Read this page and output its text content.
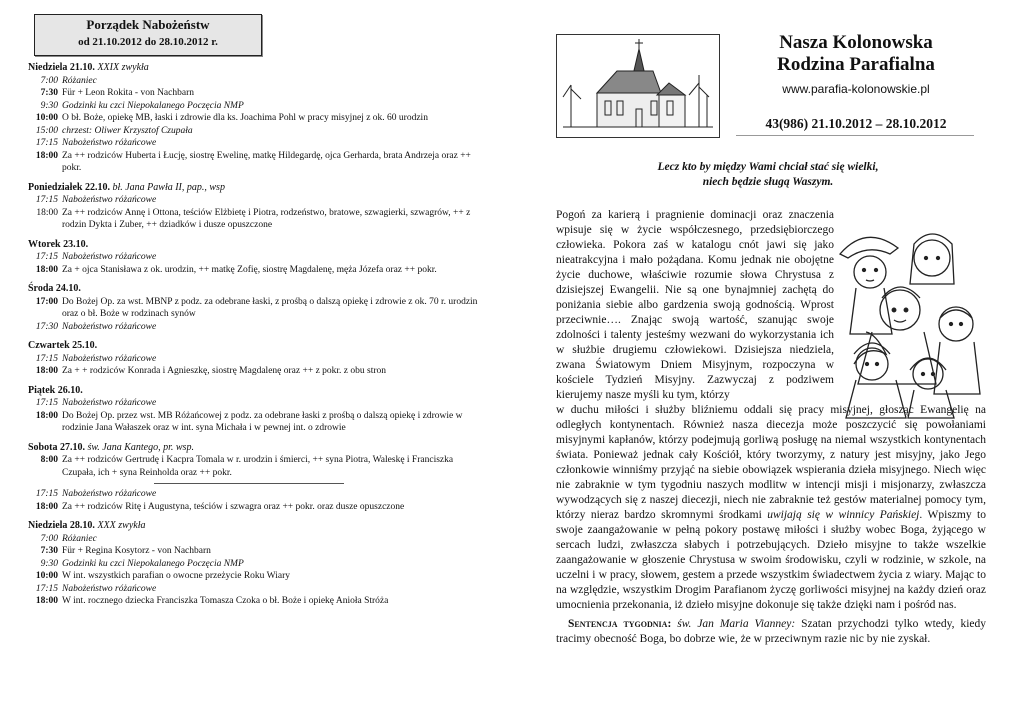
Porządek Nabożeństw
od 21.10.2012 do 28.10.2012 r.
Niedziela 21.10. XXIX zwykła
7:00 Różaniec
7:30 Für + Leon Rokita - von Nachbarn
9:30 Godzinki ku czci Niepokalanego Poczęcia NMP
10:00 O bł. Boże, opiekę MB, łaski i zdrowie dla ks. Joachima Pohl w pracy misyjnej z ok. 60 urodzin
15:00 chrzest: Oliwer Krzysztof Czupała
17:15 Nabożeństwo różańcowe
18:00 Za ++ rodziców Huberta i Łucję, siostrę Ewelinę, matkę Hildegardę, ojca Gerharda, brata Andrzeja oraz ++ pokr.
Poniedziałek 22.10. bł. Jana Pawła II, pap., wsp
17:15 Nabożeństwo różańcowe
18:00 Za ++ rodziców Annę i Ottona, teściów Elżbietę i Piotra, rodzeństwo, bratowe, szwagierki, szwagrów, ++ z rodzin Dykta i Zuber, ++ dziadków i dusze opuszczone
Wtorek 23.10.
17:15 Nabożeństwo różańcowe
18:00 Za + ojca Stanisława z ok. urodzin, ++ matkę Zofię, siostrę Magdalenę, męża Józefa oraz ++ pokr.
Środa 24.10.
17:00 Do Bożej Op. za wst. MBNP z podz. za odebrane łaski, z prośbą o dalszą opiekę i zdrowie z ok. 70 r. urodzin oraz o bł. Boże w rodzinach synów
17:30 Nabożeństwo różańcowe
Czwartek 25.10.
17:15 Nabożeństwo różańcowe
18:00 Za + + rodziców Konrada i Agnieszkę, siostrę Magdalenę oraz ++ z pokr. z obu stron
Piątek 26.10.
17:15 Nabożeństwo różańcowe
18:00 Do Bożej Op. przez wst. MB Różańcowej z podz. za odebrane łaski z prośbą o dalszą opiekę i zdrowie w rodzinie Jana Wałaszek oraz w int. syna Michała i w pewnej int. o zdrowie
Sobota 27.10. św. Jana Kantego, pr. wsp.
8:00 Za ++ rodziców Gertrudę i Kacpra Tomala w r. urodzin i śmierci, ++ syna Piotra, Waleskę i Franciszka Czupała, ich + syna Reinholda oraz ++ pokr.
17:15 Nabożeństwo różańcowe
18:00 Za ++ rodziców Ritę i Augustyna, teściów i szwagra oraz ++ pokr. oraz dusze opuszczone
Niedziela 28.10. XXX zwykła
7:00 Różaniec
7:30 Für + Regina Kosytorz - von Nachbarn
9:30 Godzinki ku czci Niepokalanego Poczęcia NMP
10:00 W int. wszystkich parafian o owocne przeżycie Roku Wiary
17:15 Nabożeństwo różańcowe
18:00 W int. rocznego dziecka Franciszka Tomasza Czoka o bł. Boże i opiekę Anioła Stróża
Nasza Kolonowska
Rodzina Parafialna
www.parafia-kolonowskie.pl
43(986) 21.10.2012 – 28.10.2012
Lecz kto by między Wami chciał stać się wielki,
niech będzie sługą Waszym.
Pogoń za karierą i pragnienie dominacji oraz znaczenia wpisuje się w życie współczesnego, przedsiębiorczego człowieka. Pokora zaś w katalogu cnót jawi się jako nieatrakcyjna i mało pożądana. Komu jednak nie obojętne życie duchowe, właściwie rozumie słowa Chrystusa z dzisiejszej Ewangelii. Nie są one bynajmniej zachętą do poniżania siebie albo gardzenia swoją godnością. Wprost przeciwnie…. Znając swoją wartość, szanując swoje zdolności i talenty jesteśmy wezwani do wykorzystania ich w służbie drugiemu człowiekowi. Dzisiejsza niedziela, zwana Światowym Dniem Misyjnym, rozpoczyna w kościele Tydzień Misyjny. Zazwyczaj z podziwem kierujemy nasze myśli ku tym, którzy
w duchu miłości i służby bliźniemu oddali się pracy misyjnej, głosząc Ewangelię na odległych kontynentach. Również nasza diecezja może poszczycić się powołaniami misyjnymi kapłanów, którzy podejmują gorliwą posługę na niemal wszystkich kontynentach świata. Ponieważ jednak cały Kościół, który tworzymy, z natury jest misyjny, jako Jego członkowie winniśmy przyjąć na siebie obowiązek wspierania dzieła misyjnego. Niech więc nie zabraknie w tym tygodniu naszych modlitw w intencji misji i misjonarzy, zwłaszcza wywodzących się z naszej diecezji, niech nie zabraknie też gestów materialnej pomocy tym, którzy nieraz bardzo skromnymi środkami uwijają się w winnicy Pańskiej. Wpiszmy to swoje zaangażowanie w pełną pokory postawę miłości i służby wobec Boga, żyjącego w sercach ludzi, zwłaszcza słabych i potrzebujących. Dzieło misyjne to także wszelkie zaangażowanie w głoszenie Chrystusa w swoim środowisku, czyli w rodzinie, w szkole, na uczelni i w pracy, słowem, gestem a przede wszystkim świadectwem życia z wiary. Mając to na względzie, wszystkim Drogim Parafianom życzę gorliwości misyjnej na każdy dzień oraz umocnienia przekonania, iż dzieło misyjne dokonuje się także dzięki nam i pośród nas.
Sentencja tygodnia: św. Jan Maria Vianney: Szatan przychodzi tylko wtedy, kiedy tracimy obecność Boga, bo dobrze wie, że w przeciwnym razie nic by nie zyskał.
